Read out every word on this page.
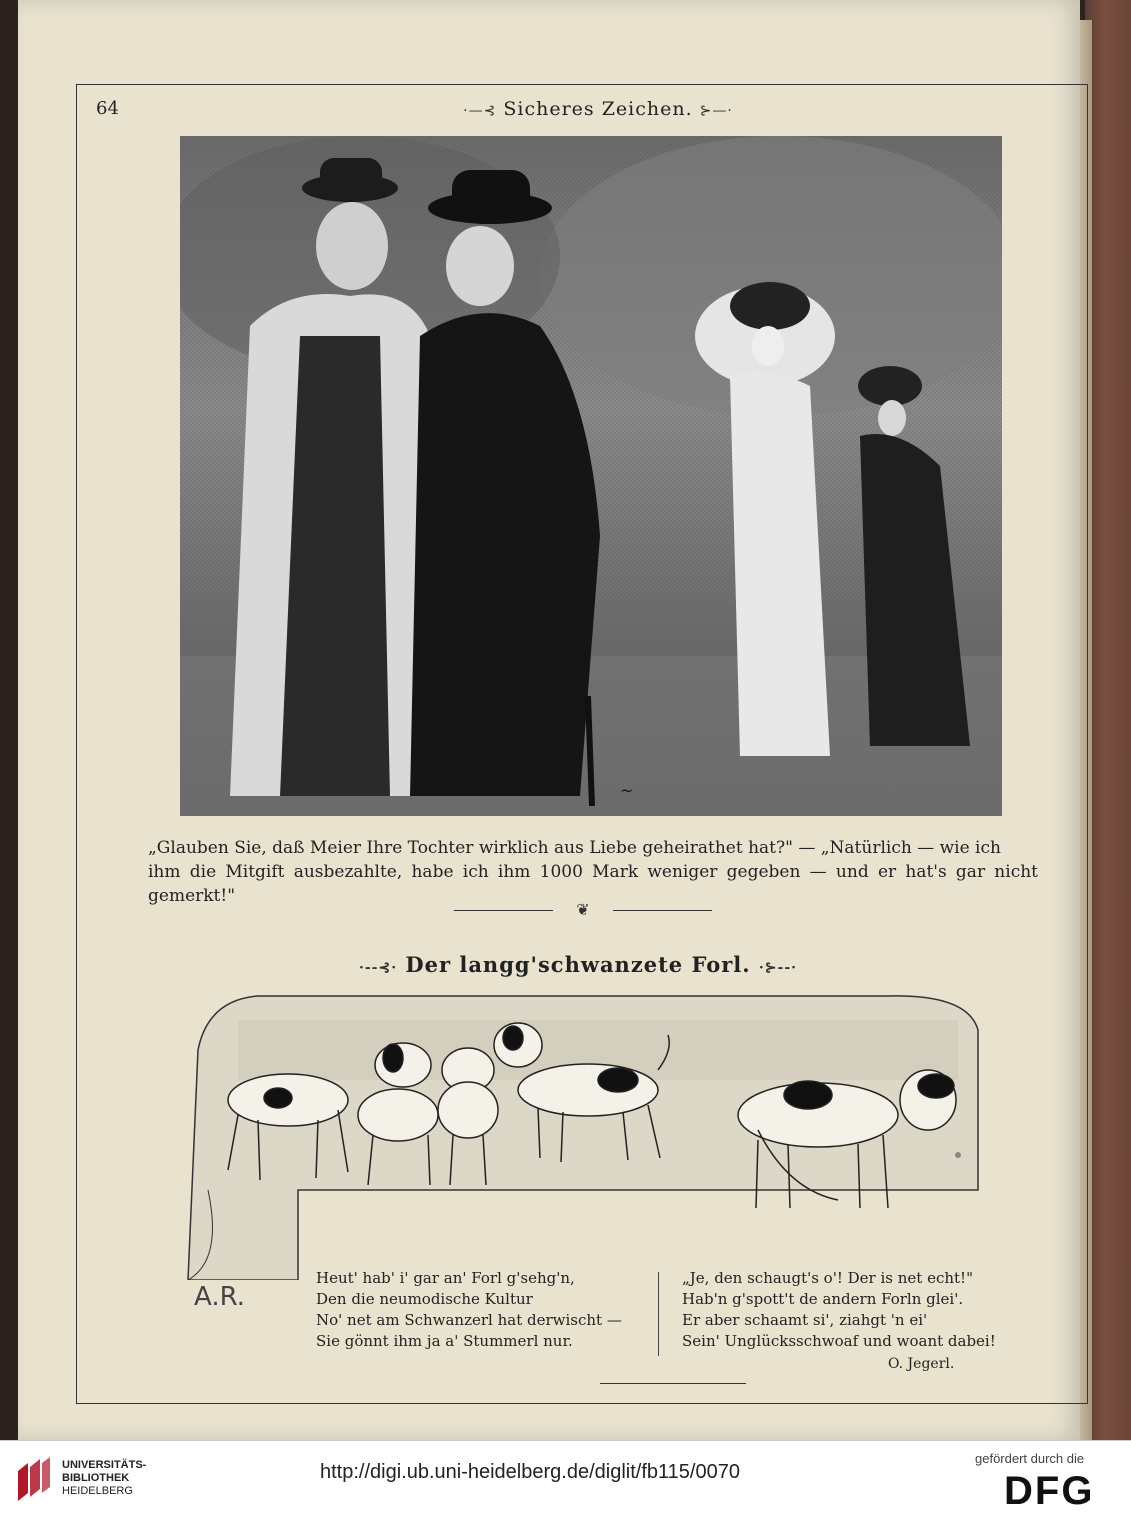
64	·—⊰ Sicheres Zeichen. ⊱—·
~
„Glauben Sie, daß Meier Ihre Tochter wirklich aus Liebe geheirathet hat?" — „Natürlich — wie ich
ihm die Mitgift ausbezahlte, habe ich ihm 1000 Mark weniger gegeben — und er hat's gar nicht gemerkt!"
❦
·--⊰· Der langg'schwanzete Forl. ·⊱--·
A.R.
Heut' hab' i' gar an' Forl g'sehg'n,
Den die neumodische Kultur
No' net am Schwanzerl hat derwischt —
Sie gönnt ihm ja a' Stummerl nur.
„Je, den schaugt's o'! Der is net echt!"
Hab'n g'spott't de andern Forln glei'.
Er aber schaamt si', ziahgt 'n ei'
Sein' Unglücksschwoaf und woant dabei!
O. Jegerl.
UNIVERSITÄTS-
BIBLIOTHEK
HEIDELBERG
http://digi.ub.uni-heidelberg.de/diglit/fb115/0070
gefördert durch die
DFG
